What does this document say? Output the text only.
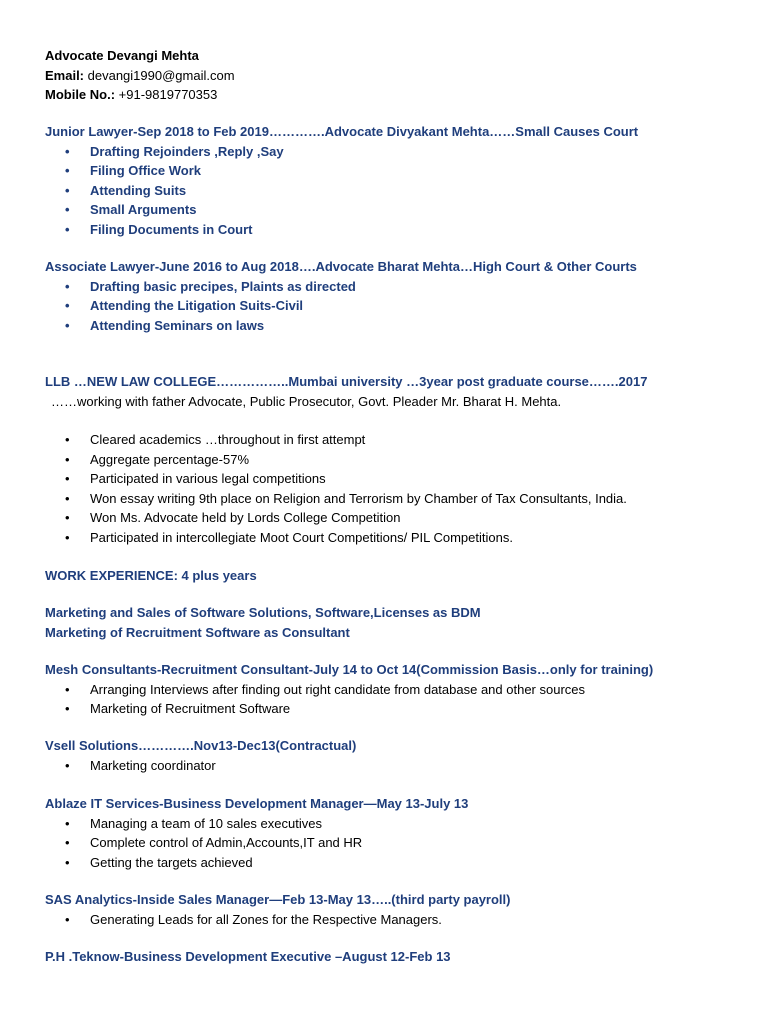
Advocate Devangi Mehta
Email: devangi1990@gmail.com
Mobile No.: +91-9819770353
Junior Lawyer-Sep 2018 to Feb 2019………….Advocate Divyakant Mehta……Small Causes Court
• Drafting Rejoinders ,Reply ,Say
• Filing Office Work
• Attending Suits
• Small Arguments
• Filing Documents in Court
Associate Lawyer-June 2016 to Aug 2018….Advocate Bharat Mehta…High Court & Other Courts
• Drafting basic precipes, Plaints as directed
• Attending the Litigation Suits-Civil
• Attending Seminars on laws
LLB …NEW LAW COLLEGE……………..Mumbai university …3year post graduate course…….2017
……working with father Advocate, Public Prosecutor, Govt. Pleader Mr. Bharat H. Mehta.
• Cleared academics …throughout in first attempt
• Aggregate percentage-57%
• Participated in various legal competitions
• Won essay writing 9th place on Religion and Terrorism by Chamber of Tax Consultants, India.
• Won Ms. Advocate held by Lords College Competition
• Participated in intercollegiate Moot Court Competitions/ PIL Competitions.
WORK EXPERIENCE: 4 plus years
Marketing and Sales of Software Solutions, Software,Licenses as BDM
Marketing of Recruitment Software as Consultant
Mesh Consultants-Recruitment Consultant-July 14 to Oct 14(Commission Basis…only for training)
• Arranging Interviews after finding out right candidate from database and other sources
• Marketing of Recruitment Software
Vsell Solutions………….Nov13-Dec13(Contractual)
• Marketing coordinator
Ablaze IT Services-Business Development Manager—May 13-July 13
• Managing a team of 10 sales executives
• Complete control of Admin,Accounts,IT and HR
• Getting the targets achieved
SAS Analytics-Inside Sales Manager—Feb 13-May 13…..(third party payroll)
• Generating Leads for all Zones for the Respective Managers.
P.H .Teknow-Business Development Executive –August 12-Feb 13
